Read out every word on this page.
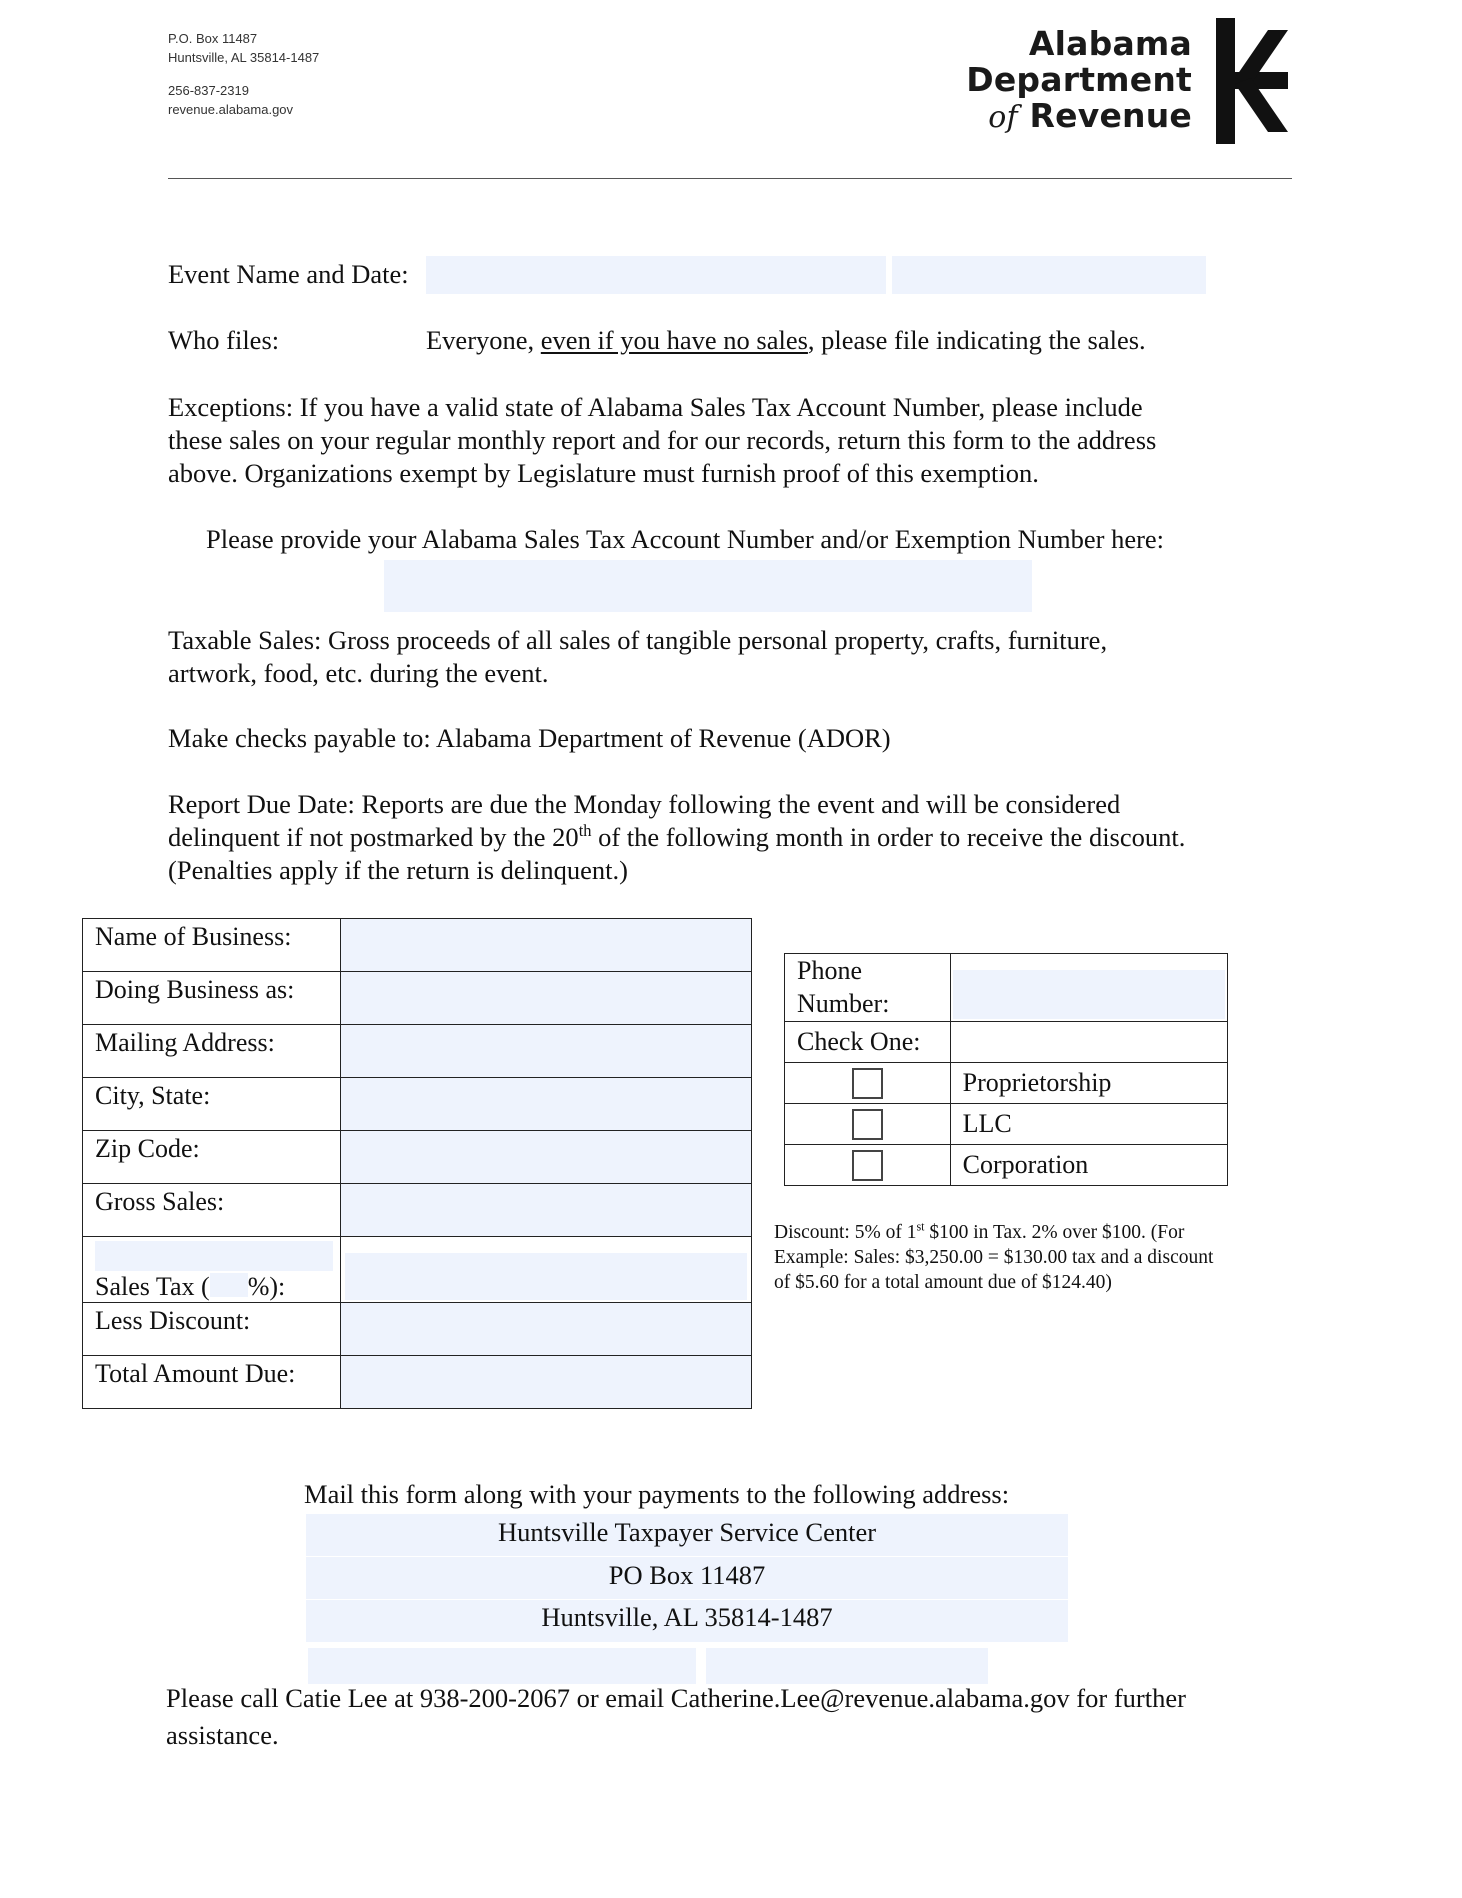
P.O. Box 11487
Huntsville, AL 35814-1487
256-837-2319
revenue.alabama.gov
Alabama
Department
of Revenue
Event Name and Date:
Who files:	Everyone, even if you have no sales, please file indicating the sales.
Exceptions: If you have a valid state of Alabama Sales Tax Account Number, please include
these sales on your regular monthly report and for our records, return this form to the address
above. Organizations exempt by Legislature must furnish proof of this exemption.
Please provide your Alabama Sales Tax Account Number and/or Exemption Number here:
Taxable Sales: Gross proceeds of all sales of tangible personal property, crafts, furniture,
artwork, food, etc. during the event.
Make checks payable to: Alabama Department of Revenue (ADOR)
Report Due Date: Reports are due the Monday following the event and will be considered
delinquent if not postmarked by the 20th of the following month in order to receive the discount.
(Penalties apply if the return is delinquent.)
Name of Business:	
Doing Business as:	
Mailing Address:	
City, State:	
Zip Code:	
Gross Sales:	

Sales Tax ( %):	

Less Discount:	
Total Amount Due:	
Phone
Number:	

Check One:	

	Proprietorship

	LLC

	Corporation
Discount: 5% of 1st $100 in Tax. 2% over $100. (For
Example: Sales: $3,250.00 = $130.00 tax and a discount
of $5.60 for a total amount due of $124.40)
Mail this form along with your payments to the following address:
Huntsville Taxpayer Service Center
PO Box 11487
Huntsville, AL 35814-1487
Please call Catie Lee at 938-200-2067 or email Catherine.Lee@revenue.alabama.gov for further
assistance.
